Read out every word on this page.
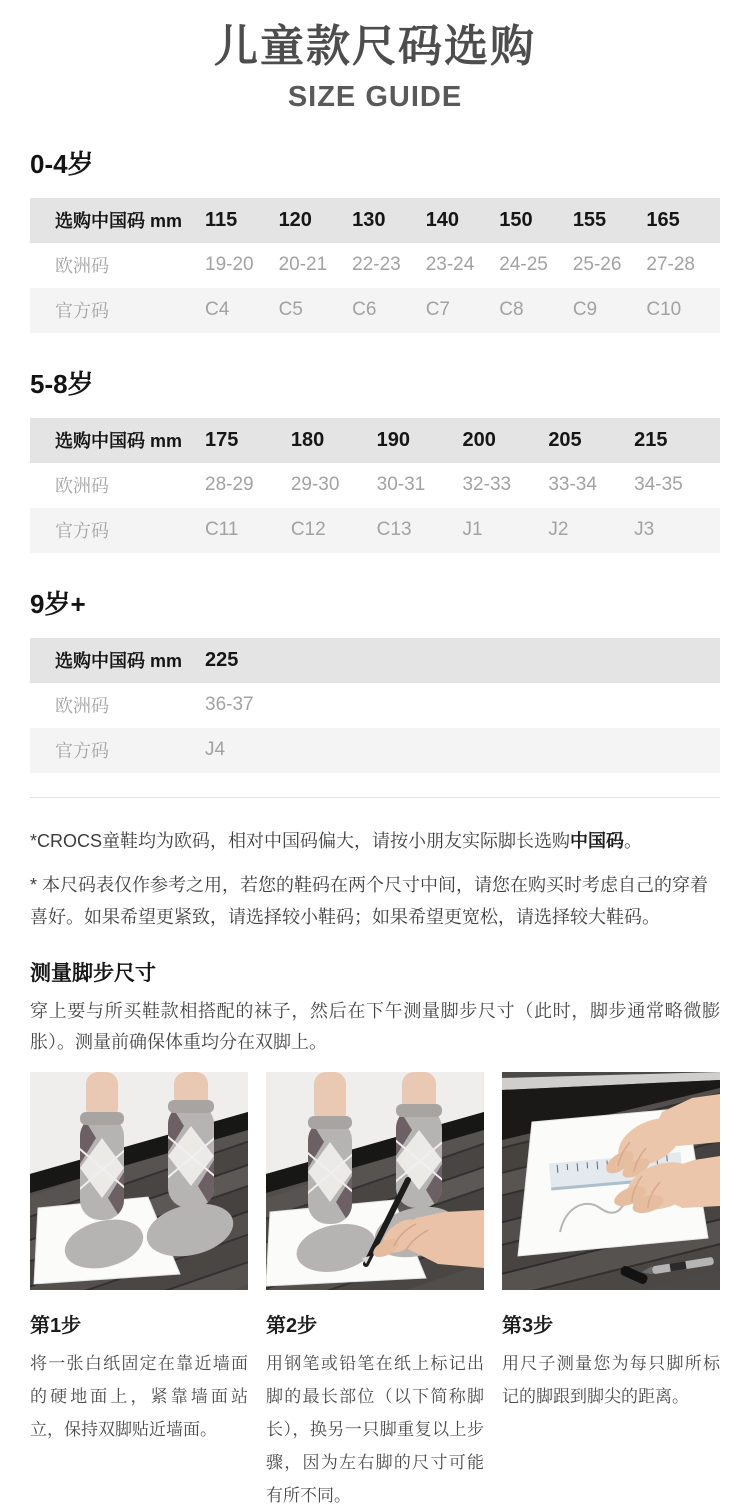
儿童款尺码选购
SIZE GUIDE
0-4岁
选购中国码 mm	115	120	130	140	150	155	165
欧洲码	19-20	20-21	22-23	23-24	24-25	25-26	27-28
官方码	C4	C5	C6	C7	C8	C9	C10
5-8岁
选购中国码 mm	175	180	190	200	205	215
欧洲码	28-29	29-30	30-31	32-33	33-34	34-35
官方码	C11	C12	C13	J1	J2	J3
9岁+
选购中国码 mm	225
欧洲码	36-37
官方码	J4

*CROCS童鞋均为欧码，相对中国码偏大，请按小朋友实际脚长选购中国码。

* 本尺码表仅作参考之用，若您的鞋码在两个尺寸中间，请您在购买时考虑自己的穿着喜好。如果希望更紧致，请选择较小鞋码；如果希望更宽松，请选择较大鞋码。

测量脚步尺寸

穿上要与所买鞋款相搭配的袜子，然后在下午测量脚步尺寸（此时，脚步通常略微膨胀）。测量前确保体重均分在双脚上。

第1步

将一张白纸固定在靠近墙面的硬地面上，紧靠墙面站立，保持双脚贴近墙面。

第2步

用钢笔或铅笔在纸上标记出脚的最长部位（以下简称脚长），换另一只脚重复以上步骤，因为左右脚的尺寸可能有所不同。

第3步

用尺子测量您为每只脚所标记的脚跟到脚尖的距离。
